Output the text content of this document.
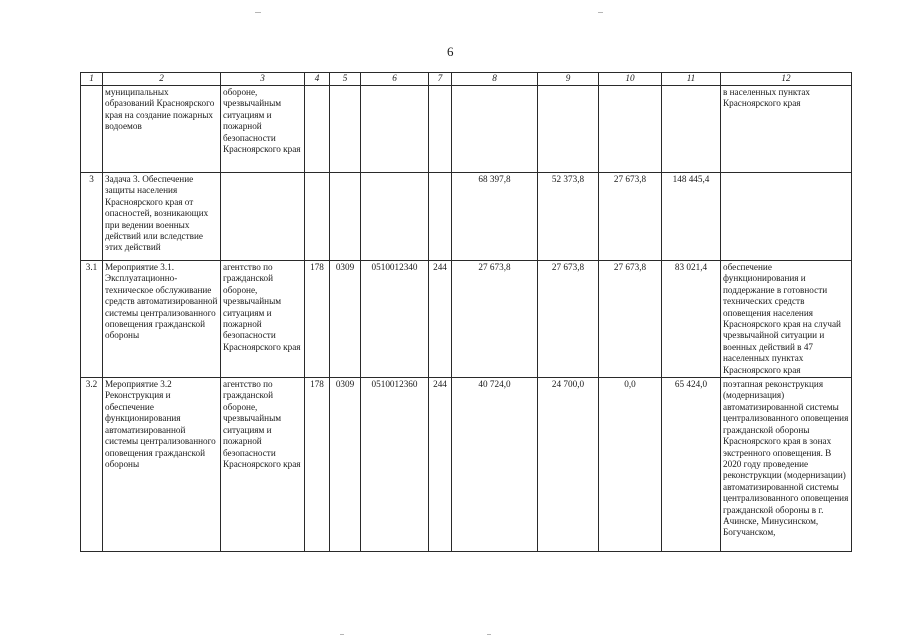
6
1	2	3	4	5	6	7	8	9	10	11	12
	муниципальных образований Красноярского края на создание пожарных водоемов	обороне, чрезвычайным ситуациям и пожарной безопасности Красноярского края									в населенных пунктах Красноярского края
3	Задача 3. Обеспечение защиты населения Красноярского края от опасностей, возникающих при ведении военных действий или вследствие этих действий						68 397,8	52 373,8	27 673,8	148 445,4	
3.1	Мероприятие 3.1. Эксплуатационно-техническое обслуживание средств автоматизированной системы централизованного оповещения гражданской обороны	агентство по гражданской обороне, чрезвычайным ситуациям и пожарной безопасности Красноярского края	178	0309	0510012340	244	27 673,8	27 673,8	27 673,8	83 021,4	обеспечение функционирования и поддержание в готовности технических средств оповещения населения Красноярского края на случай чрезвычайной ситуации и военных действий в 47 населенных пунктах Красноярского края
3.2	Мероприятие 3.2 Реконструкция и обеспечение функционирования автоматизированной системы централизованного оповещения гражданской обороны	агентство по гражданской обороне, чрезвычайным ситуациям и пожарной безопасности Красноярского края	178	0309	0510012360	244	40 724,0	24 700,0	0,0	65 424,0	поэтапная реконструкция (модернизация) автоматизированной системы централизованного оповещения гражданской обороны Красноярского края в зонах экстренного оповещения. В 2020 году проведение реконструкции (модернизации) автоматизированной системы централизованного оповещения гражданской обороны в г. Ачинске, Минусинском, Богучанском,
